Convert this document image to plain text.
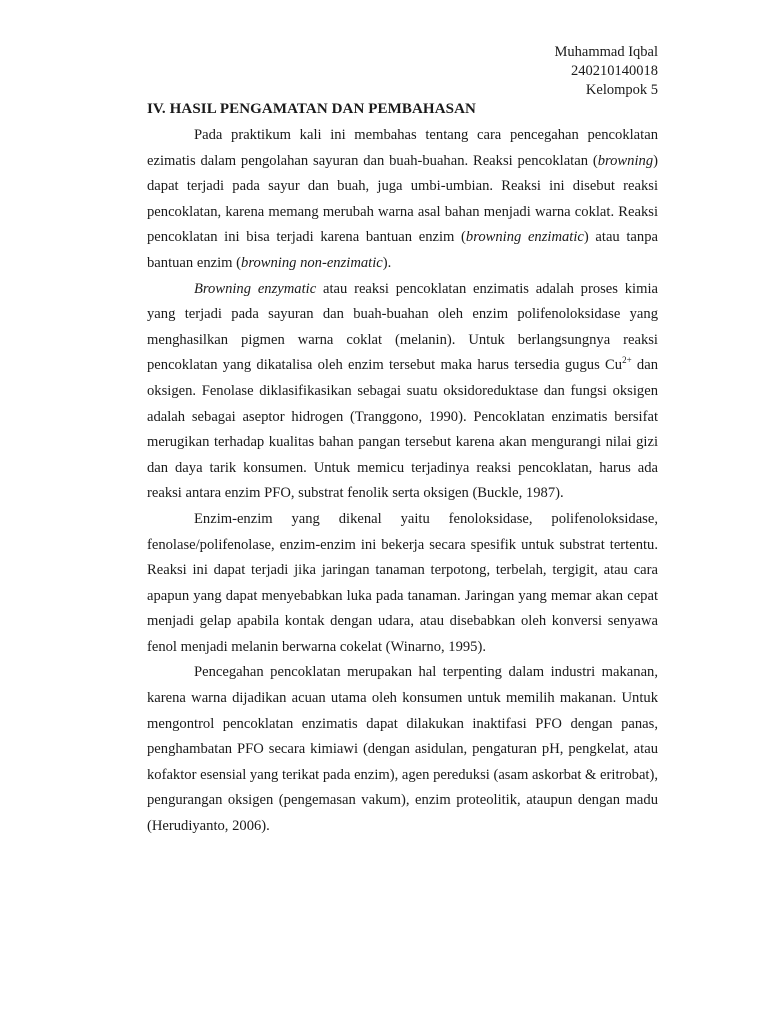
Muhammad Iqbal
240210140018
Kelompok 5
IV. HASIL PENGAMATAN DAN PEMBAHASAN

Pada praktikum kali ini membahas tentang cara pencegahan pencoklatan ezimatis dalam pengolahan sayuran dan buah-buahan. Reaksi pencoklatan (browning) dapat terjadi pada sayur dan buah, juga umbi-umbian. Reaksi ini disebut reaksi pencoklatan, karena memang merubah warna asal bahan menjadi warna coklat. Reaksi pencoklatan ini bisa terjadi karena bantuan enzim (browning enzimatic) atau tanpa bantuan enzim (browning non-enzimatic).

Browning enzymatic atau reaksi pencoklatan enzimatis adalah proses kimia yang terjadi pada sayuran dan buah-buahan oleh enzim polifenoloksidase yang menghasilkan pigmen warna coklat (melanin). Untuk berlangsungnya reaksi pencoklatan yang dikatalisa oleh enzim tersebut maka harus tersedia gugus $Cu^{2+}$ dan oksigen. Fenolase diklasifikasikan sebagai suatu oksidoreduktase dan fungsi oksigen adalah sebagai aseptor hidrogen (Tranggono, 1990). Pencoklatan enzimatis bersifat merugikan terhadap kualitas bahan pangan tersebut karena akan mengurangi nilai gizi dan daya tarik konsumen. Untuk memicu terjadinya reaksi pencoklatan, harus ada reaksi antara enzim PFO, substrat fenolik serta oksigen (Buckle, 1987).

Enzim-enzim yang dikenal yaitu fenoloksidase, polifenoloksidase, fenolase/polifenolase, enzim-enzim ini bekerja secara spesifik untuk substrat tertentu. Reaksi ini dapat terjadi jika jaringan tanaman terpotong, terbelah, tergigit, atau cara apapun yang dapat menyebabkan luka pada tanaman. Jaringan yang memar akan cepat menjadi gelap apabila kontak dengan udara, atau disebabkan oleh konversi senyawa fenol menjadi melanin berwarna cokelat (Winarno, 1995).

Pencegahan pencoklatan merupakan hal terpenting dalam industri makanan, karena warna dijadikan acuan utama oleh konsumen untuk memilih makanan. Untuk mengontrol pencoklatan enzimatis dapat dilakukan inaktifasi PFO dengan panas, penghambatan PFO secara kimiawi (dengan asidulan, pengaturan pH, pengkelat, atau kofaktor esensial yang terikat pada enzim), agen pereduksi (asam askorbat & eritrobat), pengurangan oksigen (pengemasan vakum), enzim proteolitik, ataupun dengan madu (Herudiyanto, 2006).
